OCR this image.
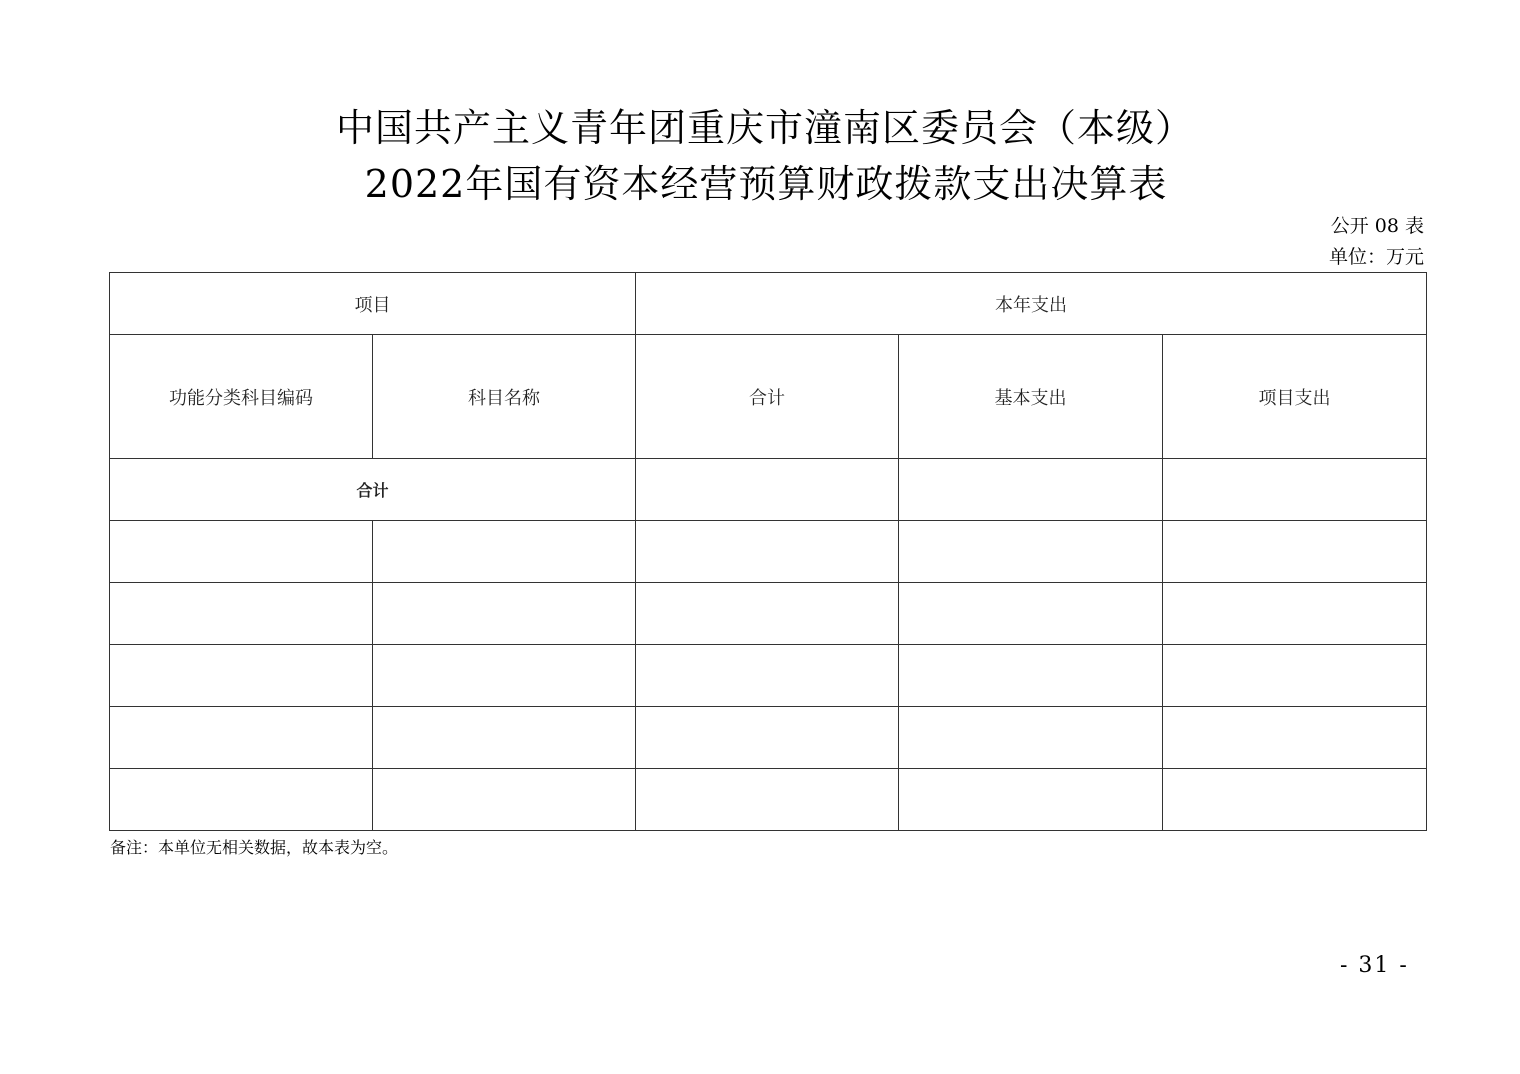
中国共产主义青年团重庆市潼南区委员会（本级）
2022年国有资本经营预算财政拨款支出决算表
公开 08 表
单位：万元
项目		本年支出		
功能分类科目编码	科目名称	合计	基本支出	项目支出
合计				

备注：本单位无相关数据，故本表为空。
- 31 -
